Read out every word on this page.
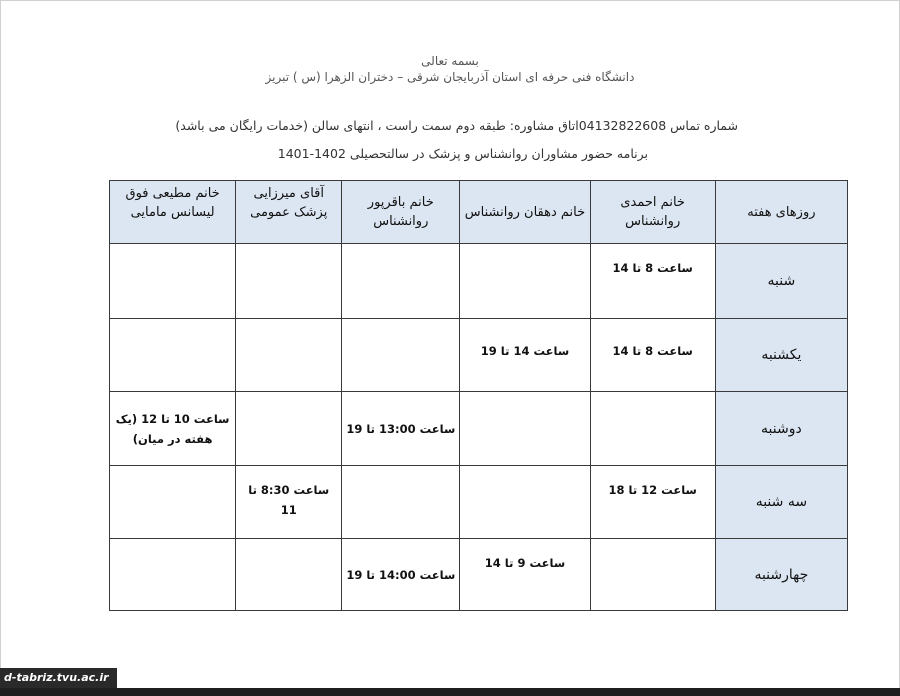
بسمه تعالی
دانشگاه فنی حرفه ای استان آذربایجان شرقی – دختران الزهرا (س ) تبریز
شماره تماس 04132822608اتاق مشاوره: طبقه دوم سمت راست ، انتهای سالن (خدمات رایگان می باشد)
برنامه حضور مشاوران روانشناس و پزشک در سالتحصیلی 1402-1401
روزهای هفته	خانم احمدی روانشناس	خانم دهقان روانشناس	خانم باقرپور روانشناس	آقای میرزایی پزشک عمومی	خانم مطیعی فوق لیسانس مامایی
شنبه	ساعت 8 تا 14				
یکشنبه	ساعت 8 تا 14	ساعت 14 تا 19			
دوشنبه			ساعت 13:00 تا 19		ساعت 10 تا 12 (یک هفته در میان)
سه شنبه	ساعت 12 تا 18			ساعت 8:30 تا 11	
چهارشنبه		ساعت 9 تا 14	ساعت 14:00 تا 19		
d-tabriz.tvu.ac.ir
